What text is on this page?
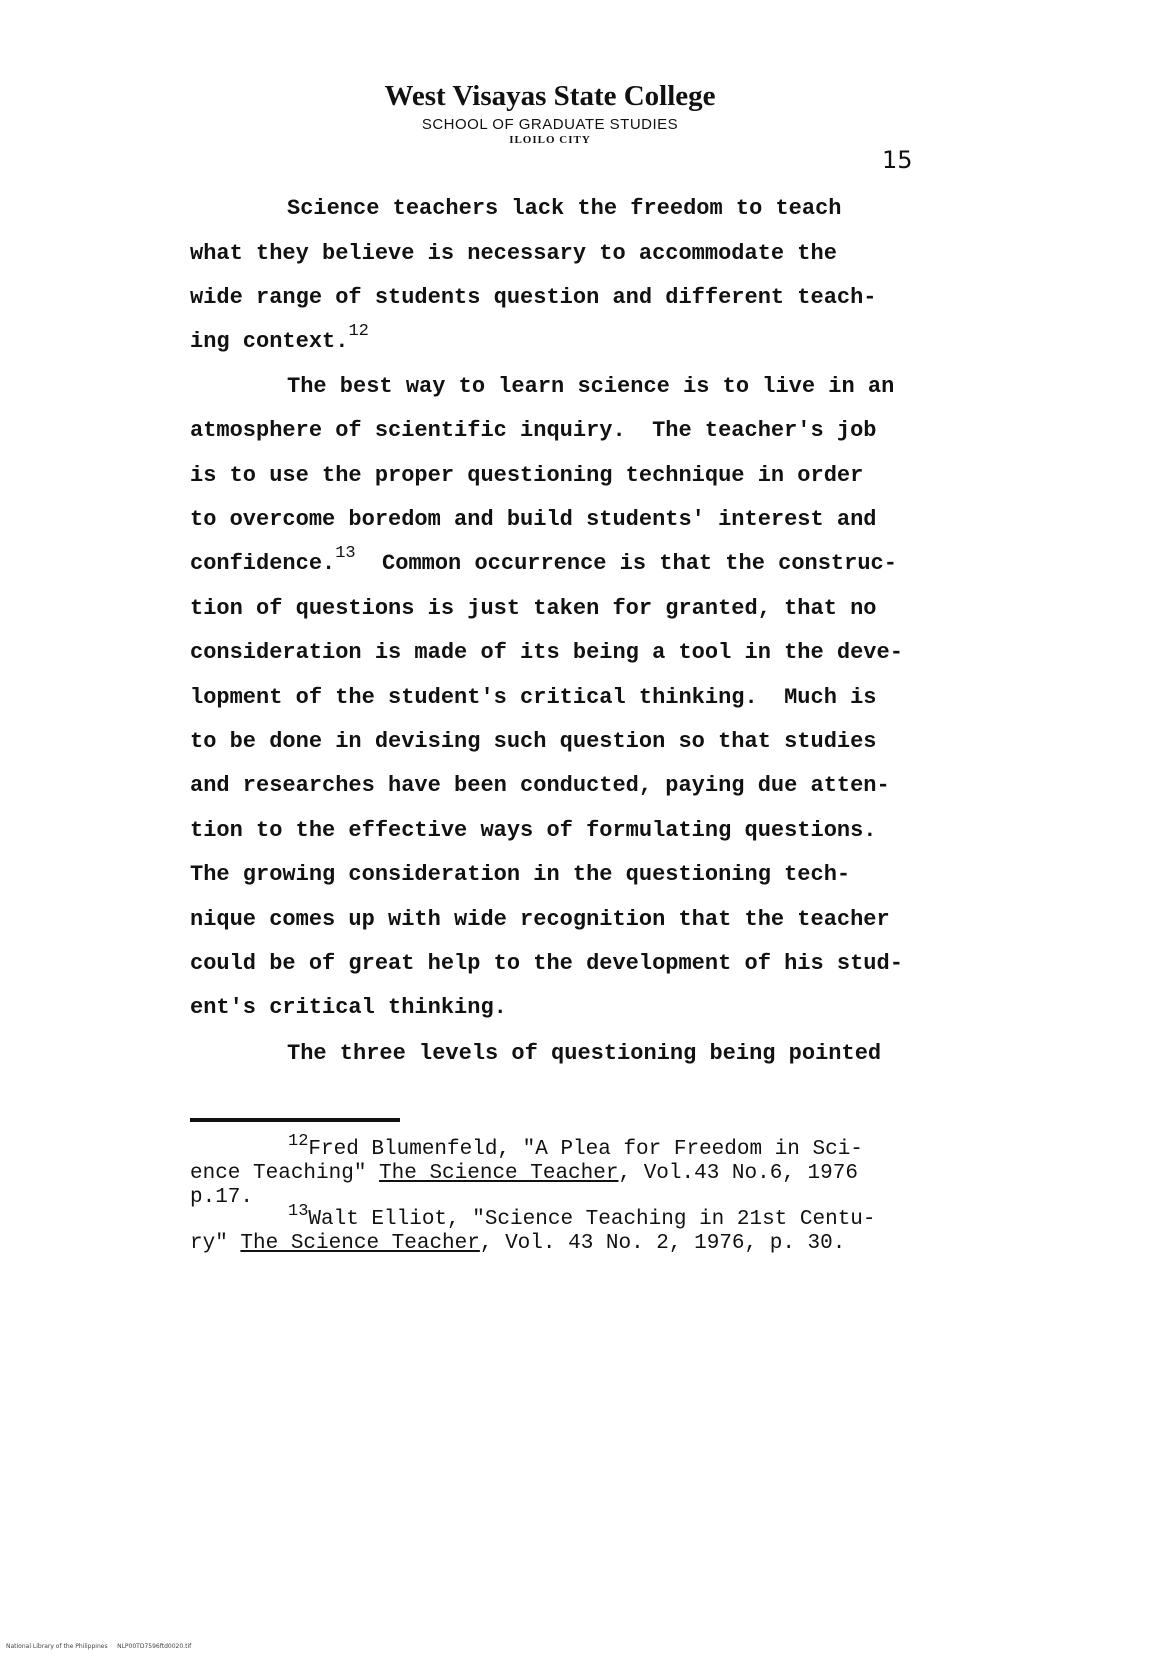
West Visayas State College
SCHOOL OF GRADUATE STUDIES
ILOILO CITY
15
Science teachers lack the freedom to teach
what they believe is necessary to accommodate the
wide range of students question and different teach-
ing context.$^{12}$
The best way to learn science is to live in an
atmosphere of scientific inquiry.  The teacher's job
is to use the proper questioning technique in order
to overcome boredom and build students' interest and
confidence.$^{13}$ Common occurrence is that the construc-
tion of questions is just taken for granted, that no
consideration is made of its being a tool in the deve-
lopment of the student's critical thinking.  Much is
to be done in devising such question so that studies
and researches have been conducted, paying due atten-
tion to the effective ways of formulating questions.
The growing consideration in the questioning tech-
nique comes up with wide recognition that the teacher
could be of great help to the development of his stud-
ent's critical thinking.
The three levels of questioning being pointed
$^{12}$Fred Blumenfeld, "A Plea for Freedom in Sci-
ence Teaching" The Science Teacher, Vol.43 No.6, 1976
p.17.
$^{13}$Walt Elliot, "Science Teaching in 21st Centu-
ry" The Science Teacher, Vol. 43 No. 2, 1976, p. 30.
National Library of the Philippines     NLP00TD7596ftd0020.tif
